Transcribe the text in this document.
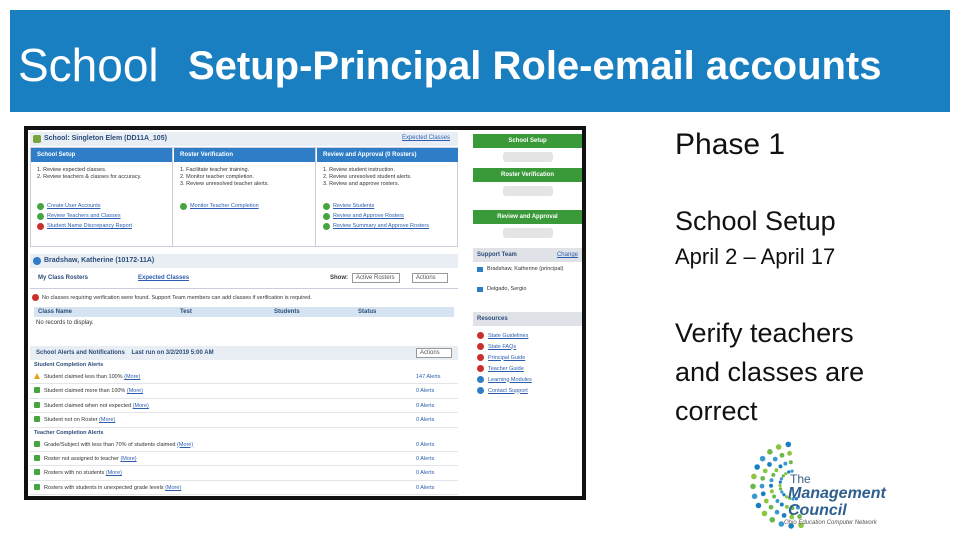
School Setup-Principal Role-email accounts
School: Singleton Elem (DD11A_105)	Expected Classes
School Setup
1. Review expected classes.
2. Review teachers & classes for accuracy.
Create User Accounts
Review Teachers and Classes
Student Name Discrepancy Report
Roster Verification
1. Facilitate teacher training.
2. Monitor teacher completion.
3. Review unresolved teacher alerts.
Monitor Teacher Completion
Review and Approval (0 Rosters)
1. Review student instruction.
2. Review unresolved student alerts.
3. Review and approve rosters.
Review Students
Review and Approve Rosters
Review Summary and Approve Rosters
Bradshaw, Katherine (10172-11A)
My Class Rosters	Expected Classes	Show:	Active Rosters	Actions
No classes requiring verification were found. Support Team members can add classes if verification is required.
Class Name	Test	Students	Status
No records to display.
School Alerts and Notifications    Last run on 3/2/2019 5:00 AM	Actions
Student Completion Alerts
Student claimed less than 100% (More)	147 Alerts
Student claimed more than 100% (More)	0 Alerts
Student claimed when not expected (More)	0 Alerts
Student not on Roster (More)	0 Alerts
Teacher Completion Alerts
Grade/Subject with less than 70% of students claimed (More)	0 Alerts
Roster not assigned to teacher (More)	0 Alerts
Rosters with no students (More)	0 Alerts
Rosters with students in unexpected grade levels (More)	0 Alerts
School Setup
Roster Verification
Review and Approval
Support Team	Change
Bradshaw, Katherine (principal)
Delgado, Sergio
Resources
State Guidelines
State FAQs
Principal Guide
Teacher Guide
Learning Modules
Contact Support
Phase 1
School Setup
April 2 – April 17
Verify teachers and classes are correct
The
Management
Council
Ohio Education Computer Network
